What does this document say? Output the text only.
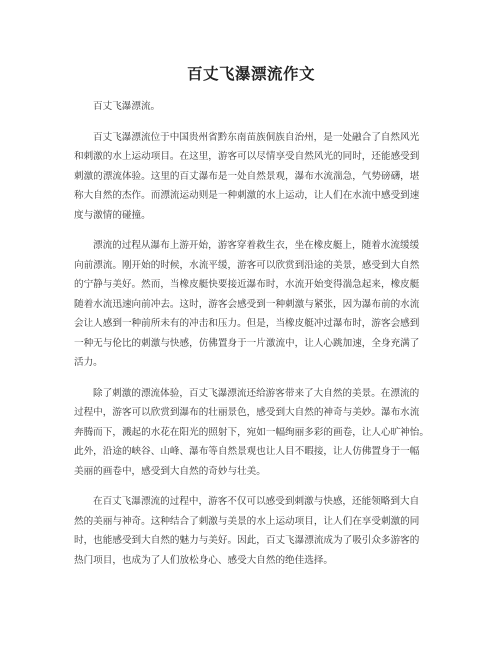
百丈飞瀑漂流作文

百丈飞瀑漂流。

百丈飞瀑漂流位于中国贵州省黔东南苗族侗族自治州，是一处融合了自然风光
和刺激的水上运动项目。在这里，游客可以尽情享受自然风光的同时，还能感受到
刺激的漂流体验。这里的百丈瀑布是一处自然景观，瀑布水流湍急，气势磅礴，堪
称大自然的杰作。而漂流运动则是一种刺激的水上运动，让人们在水流中感受到速
度与激情的碰撞。

漂流的过程从瀑布上游开始，游客穿着救生衣，坐在橡皮艇上，随着水流缓缓
向前漂流。刚开始的时候，水流平缓，游客可以欣赏到沿途的美景，感受到大自然
的宁静与美好。然而，当橡皮艇快要接近瀑布时，水流开始变得湍急起来，橡皮艇
随着水流迅速向前冲去。这时，游客会感受到一种刺激与紧张，因为瀑布前的水流
会让人感到一种前所未有的冲击和压力。但是，当橡皮艇冲过瀑布时，游客会感到
一种无与伦比的刺激与快感，仿佛置身于一片激流中，让人心跳加速，全身充满了
活力。

除了刺激的漂流体验，百丈飞瀑漂流还给游客带来了大自然的美景。在漂流的
过程中，游客可以欣赏到瀑布的壮丽景色，感受到大自然的神奇与美妙。瀑布水流
奔腾而下，溅起的水花在阳光的照射下，宛如一幅绚丽多彩的画卷，让人心旷神怡。
此外，沿途的峡谷、山峰、瀑布等自然景观也让人目不暇接，让人仿佛置身于一幅
美丽的画卷中，感受到大自然的奇妙与壮美。

在百丈飞瀑漂流的过程中，游客不仅可以感受到刺激与快感，还能领略到大自
然的美丽与神奇。这种结合了刺激与美景的水上运动项目，让人们在享受刺激的同
时，也能感受到大自然的魅力与美好。因此，百丈飞瀑漂流成为了吸引众多游客的
热门项目，也成为了人们放松身心、感受大自然的绝佳选择。
